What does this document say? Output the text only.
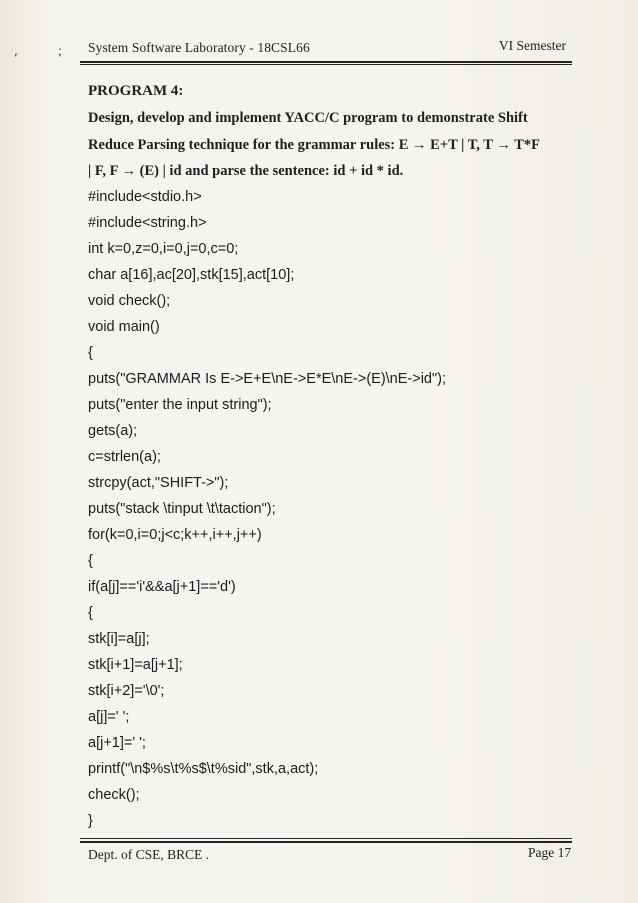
,	; System Software Laboratory - 18CSL66	VI Semester
PROGRAM 4:
Design, develop and implement YACC/C program to demonstrate Shift
Reduce Parsing technique for the grammar rules: E → E+T | T, T → T*F
| F, F → (E) | id and parse the sentence: id + id * id.
#include<stdio.h>
#include<string.h>
int k=0,z=0,i=0,j=0,c=0;
char a[16],ac[20],stk[15],act[10];
void check();
void main()
{
puts("GRAMMAR Is E->E+E\nE->E*E\nE->(E)\nE->id");
puts("enter the input string");
gets(a);
c=strlen(a);
strcpy(act,"SHIFT->");
puts("stack \tinput \t\taction");
for(k=0,i=0;j<c;k++,i++,j++)
{
if(a[j]=='i'&&a[j+1]=='d')
{
stk[i]=a[j];
stk[i+1]=a[j+1];
stk[i+2]='\0';
a[j]=' ';
a[j+1]=' ';
printf("\n$%s\t%s$\t%sid",stk,a,act);
check();
}
Dept. of CSE, BRCE .	Page 17
